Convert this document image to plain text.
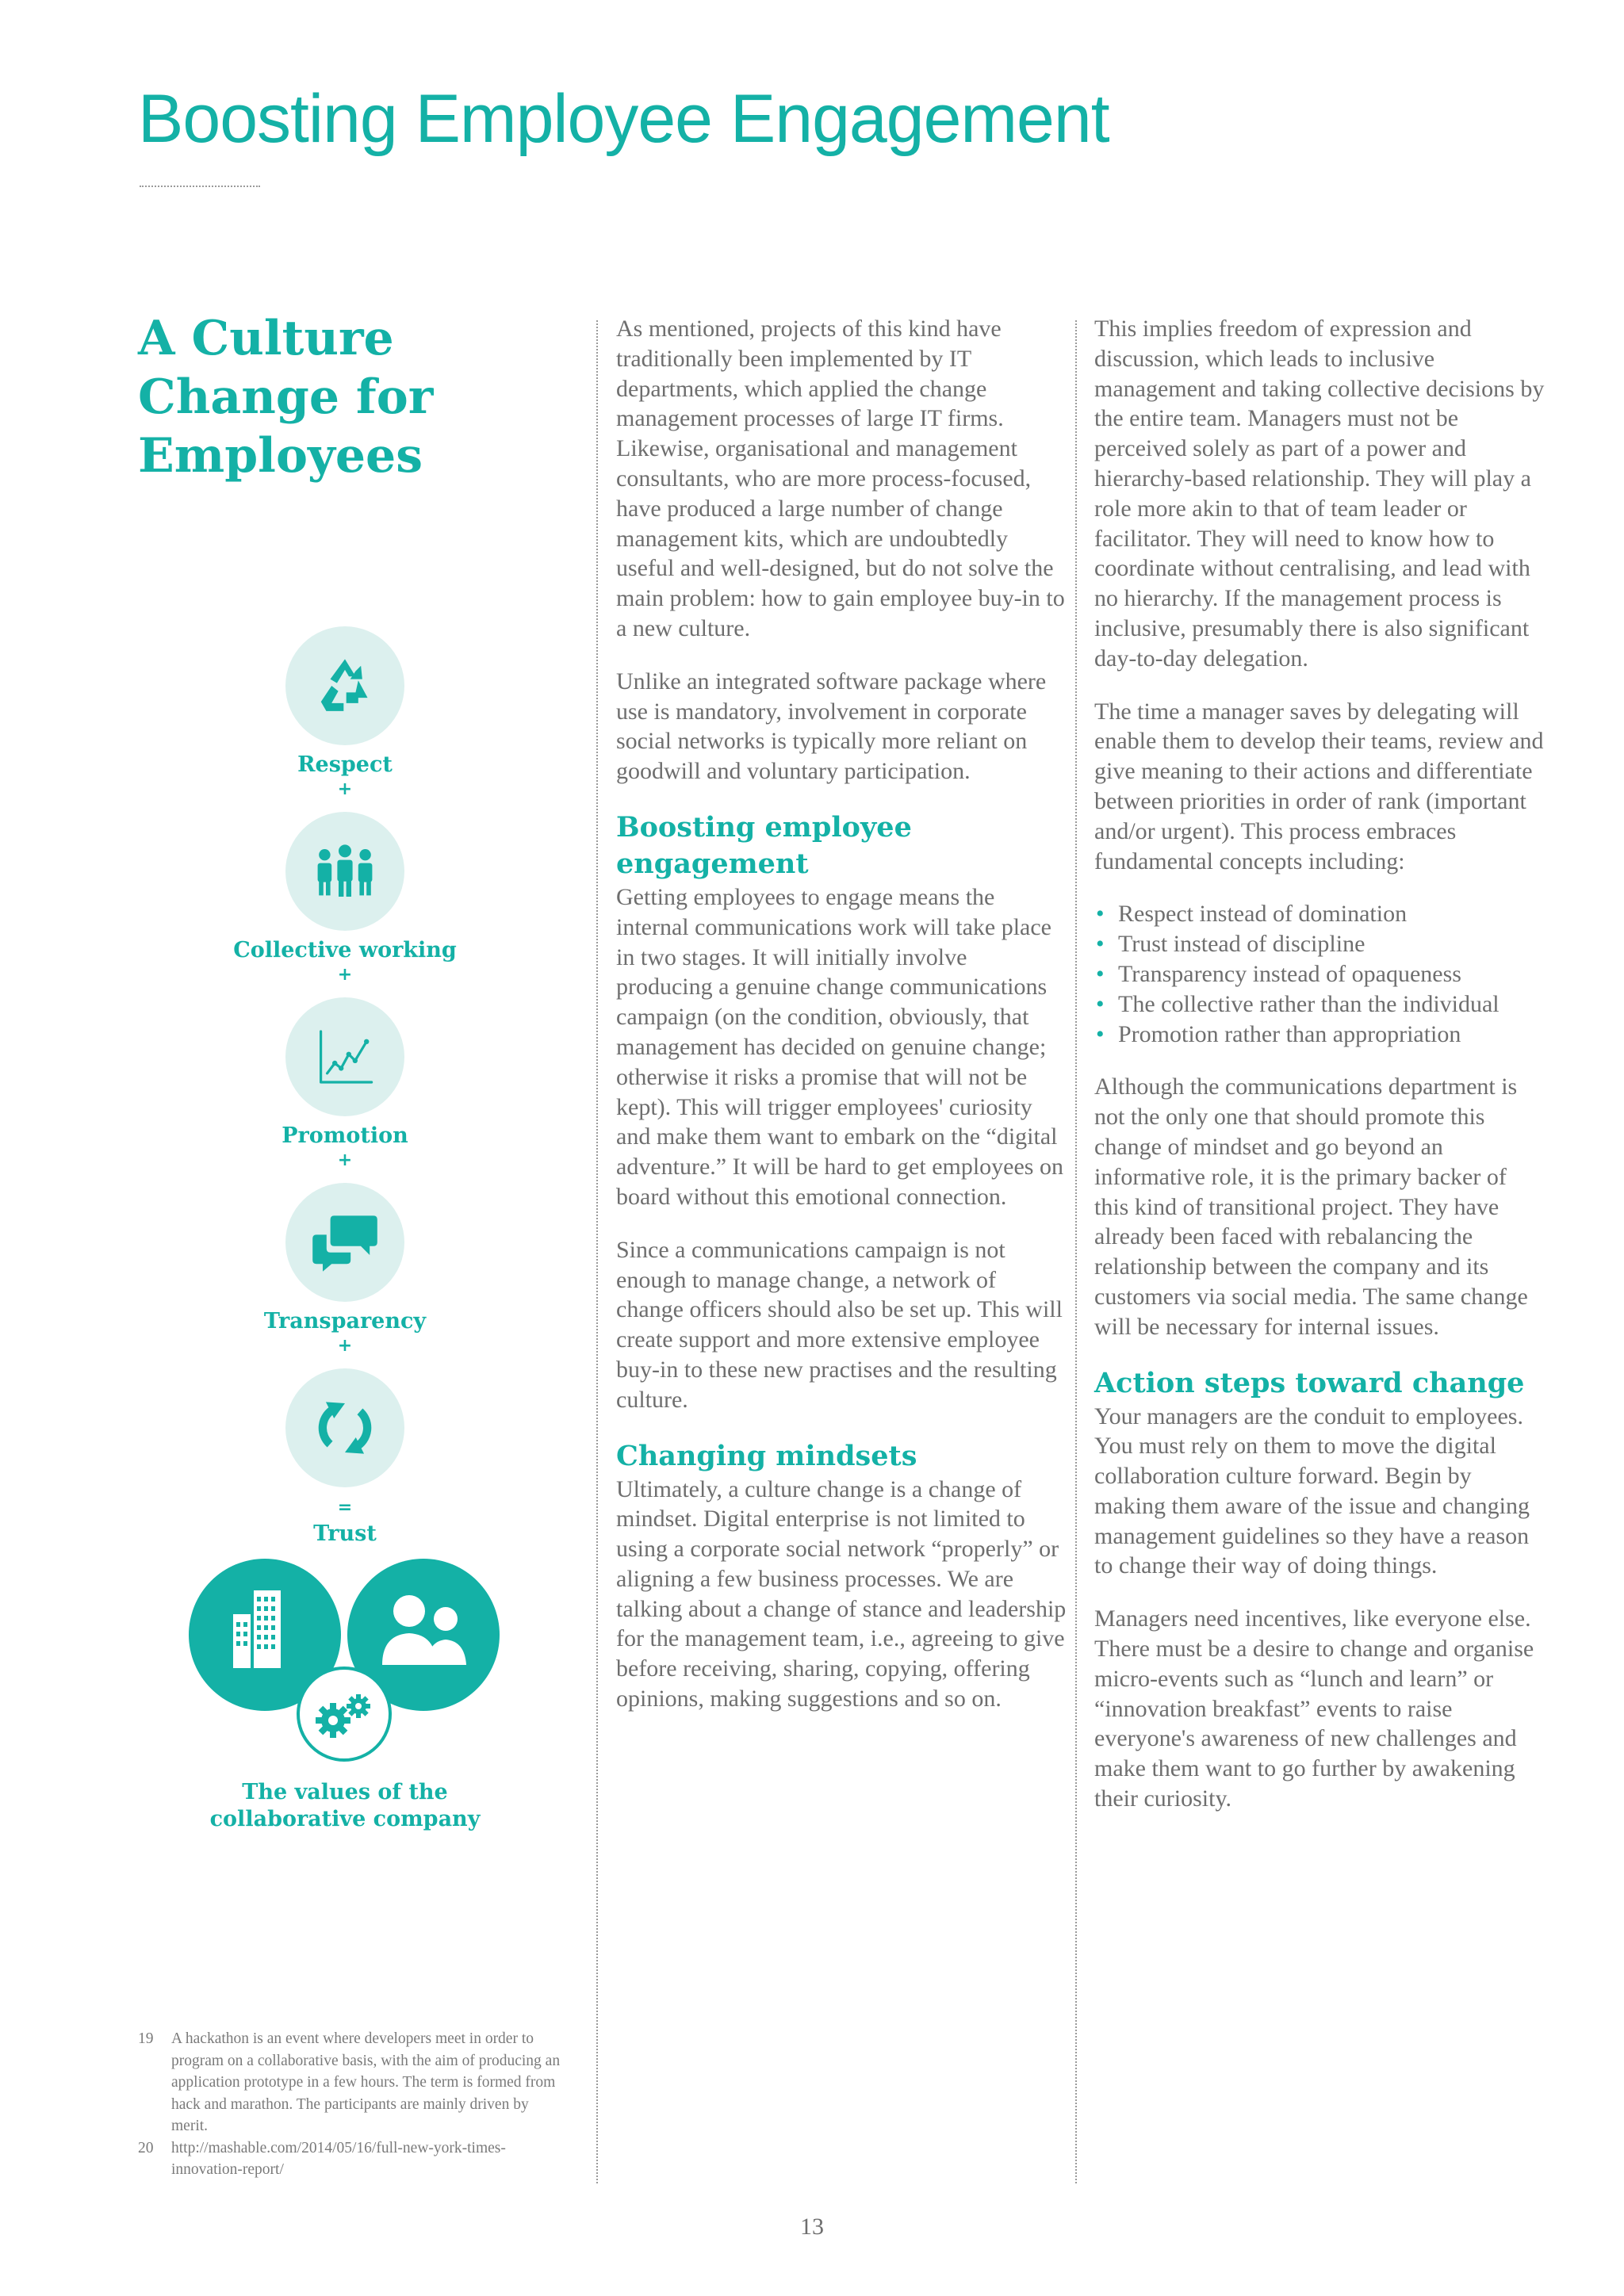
Boosting Employee Engagement
A Culture Change for Employees
Respect
+
Collective working
+
Promotion
+
Transparency
+
=
Trust
The values of the collaborative company

As mentioned, projects of this kind have traditionally been implemented by IT departments, which applied the change management processes of large IT firms. Likewise, organisational and management consultants, who are more process-focused, have produced a large number of change management kits, which are undoubtedly useful and well-designed, but do not solve the main problem: how to gain employee buy-in to a new culture.

Unlike an integrated software package where use is mandatory, involvement in corporate social networks is typically more reliant on goodwill and voluntary participation.

Boosting employee engagement

Getting employees to engage means the internal communications work will take place in two stages. It will initially involve producing a genuine change communications campaign (on the condition, obviously, that management has decided on genuine change; otherwise it risks a promise that will not be kept). This will trigger employees' curiosity and make them want to embark on the “digital adventure.” It will be hard to get employees on board without this emotional connection.

Since a communications campaign is not enough to manage change, a network of change officers should also be set up. This will create support and more extensive employee buy-in to these new practises and the resulting culture.

Changing mindsets

Ultimately, a culture change is a change of mindset. Digital enterprise is not limited to using a corporate social network “properly” or aligning a few business processes. We are talking about a change of stance and leadership for the management team, i.e., agreeing to give before receiving, sharing, copying, offering opinions, making suggestions and so on.

This implies freedom of expression and discussion, which leads to inclusive management and taking collective decisions by the entire team. Managers must not be perceived solely as part of a power and hierarchy-based relationship. They will play a role more akin to that of team leader or facilitator. They will need to know how to coordinate without centralising, and lead with no hierarchy. If the management process is inclusive, presumably there is also significant day-to-day delegation.

The time a manager saves by delegating will enable them to develop their teams, review and give meaning to their actions and differentiate between priorities in order of rank (important and/or urgent). This process embraces fundamental concepts including:

• Respect instead of domination
• Trust instead of discipline
• Transparency instead of opaqueness
• The collective rather than the individual
• Promotion rather than appropriation

Although the communications department is not the only one that should promote this change of mindset and go beyond an informative role, it is the primary backer of this kind of transitional project. They have already been faced with rebalancing the relationship between the company and its customers via social media. The same change will be necessary for internal issues.

Action steps toward change

Your managers are the conduit to employees. You must rely on them to move the digital collaboration culture forward. Begin by making them aware of the issue and changing management guidelines so they have a reason to change their way of doing things.

Managers need incentives, like everyone else. There must be a desire to change and organise micro-events such as “lunch and learn” or “innovation breakfast” events to raise everyone's awareness of new challenges and make them want to go further by awakening their curiosity.

19 A hackathon is an event where developers meet in order to program on a collaborative basis, with the aim of producing an application prototype in a few hours. The term is formed from hack and marathon. The participants are mainly driven by merit.
20 http://mashable.com/2014/05/16/full-new-york-times-innovation-report/
13
